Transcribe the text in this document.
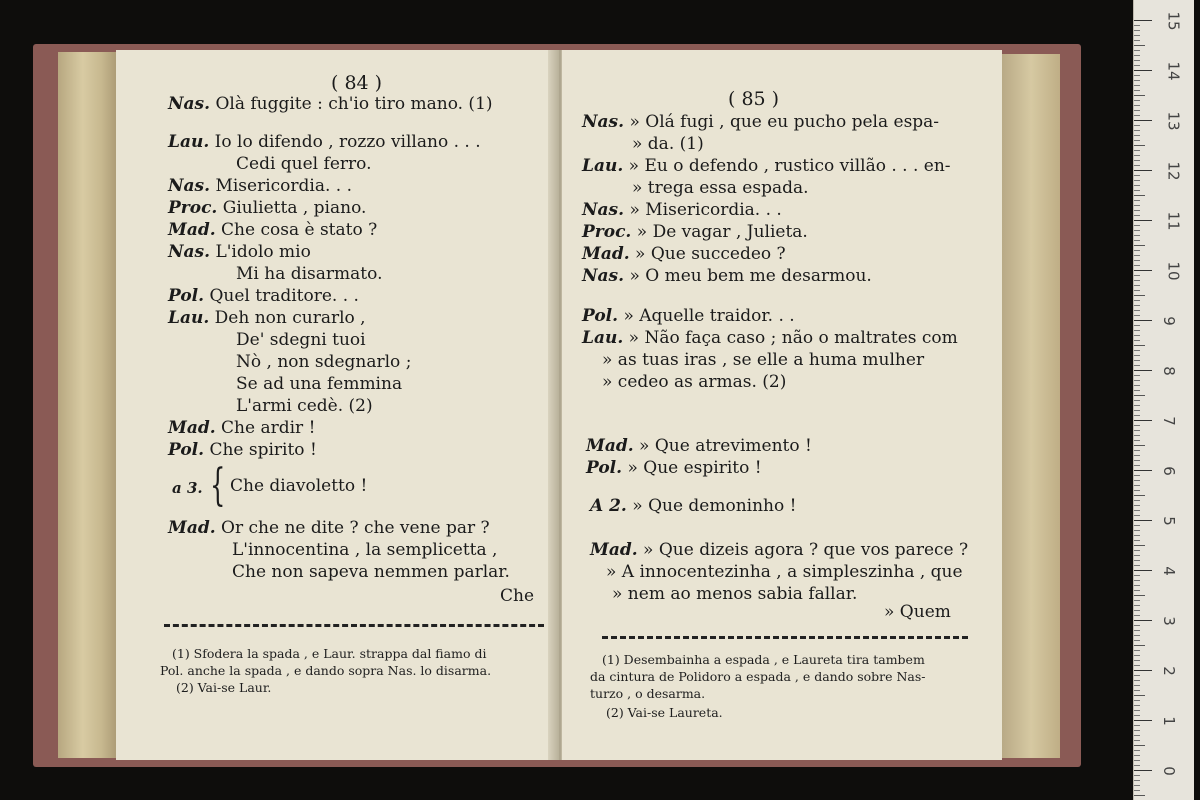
( 84 )
Nas. Olà fuggite : ch'io tiro mano. (1)
Lau. Io lo difendo , rozzo villano . . .
Cedi quel ferro.
Nas. Misericordia. . .
Proc. Giulietta , piano.
Mad. Che cosa è stato ?
Nas. L'idolo mio
Mi ha disarmato.
Pol. Quel traditore. . .
Lau. Deh non curarlo ,
De' sdegni tuoi
Nò , non sdegnarlo ;
Se ad una femmina
L'armi cedè. (2)
Mad. Che ardir !
Pol. Che spirito !
a 3. { Che diavoletto !
Mad. Or che ne dite ? che vene par ?
L'innocentina , la semplicetta ,
Che non sapeva nemmen parlar.
Che
(1) Sfodera la spada , e Laur. strappa dal fiamo di
Pol. anche la spada , e dando sopra Nas. lo disarma.
(2) Vai-se Laur.
( 85 )
Nas. » Olá fugi , que eu pucho pela espa-
» da. (1)
Lau. » Eu o defendo , rustico villão . . . en-
» trega essa espada.
Nas. » Misericordia. . .
Proc. » De vagar , Julieta.
Mad. » Que succedeo ?
Nas. » O meu bem me desarmou.
Pol. » Aquelle traidor. . .
Lau. » Não faça caso ; não o maltrates com
» as tuas iras , se elle a huma mulher
» cedeo as armas. (2)
Mad. » Que atrevimento !
Pol. » Que espirito !
A 2. » Que demoninho !
Mad. » Que dizeis agora ? que vos parece ?
» A innocentezinha , a simpleszinha , que
» nem ao menos sabia fallar.
» Quem
(1) Desembainha a espada , e Laureta tira tambem
da cintura de Polidoro a espada , e dando sobre Nas-
turzo , o desarma.
(2) Vai-se Laureta.
15
14
13
12
11
10
9
8
7
6
5
4
3
2
1
0
